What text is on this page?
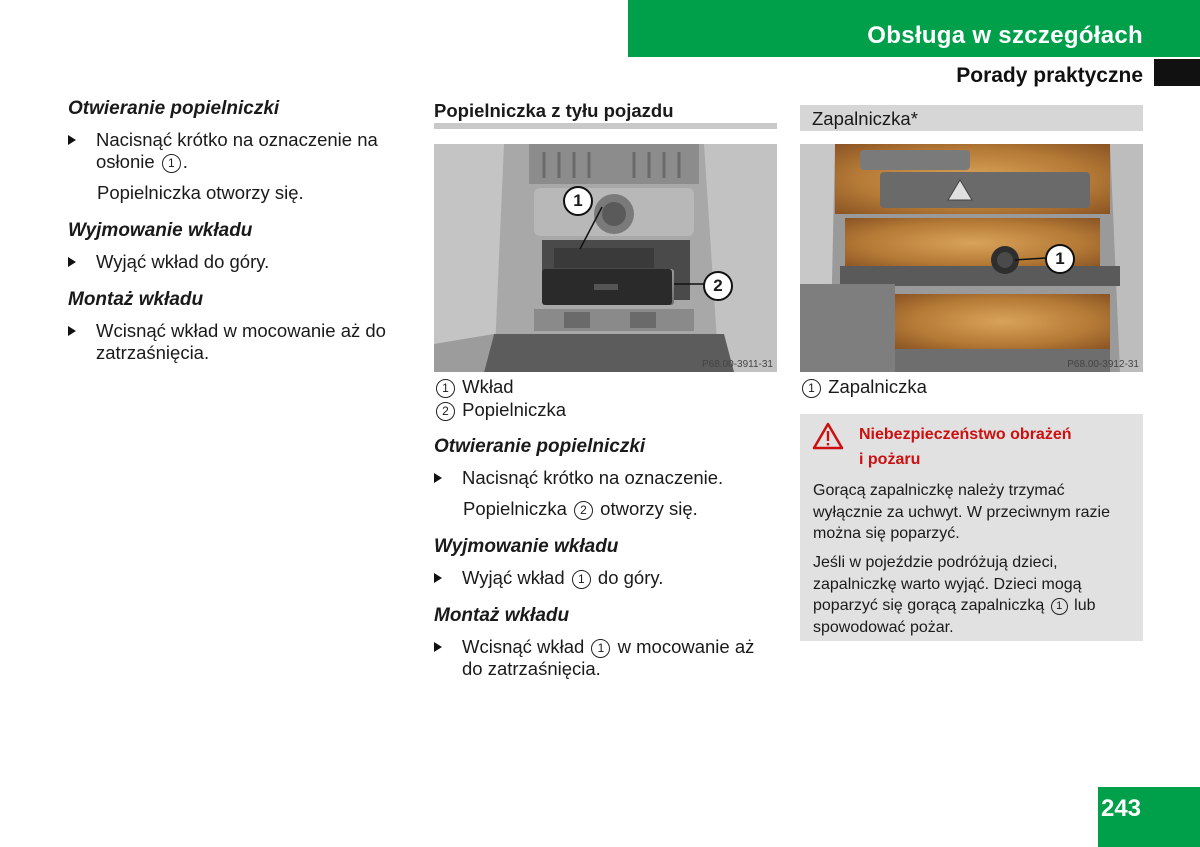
Obsługa w szczegółach
Porady praktyczne
Otwieranie popielniczki
Nacisnąć krótko na oznaczenie na osłonie 1 .
Popielniczka otworzy się.
Wyjmowanie wkładu
Wyjąć wkład do góry.
Montaż wkładu
Wcisnąć wkład w mocowanie aż do zatrzaśnięcia.
Popielniczka z tyłu pojazdu
1
2
P68.00-3911-31
1 Wkład
2 Popielniczka
Otwieranie popielniczki
Nacisnąć krótko na oznaczenie.
Popielniczka 2 otworzy się.
Wyjmowanie wkładu
Wyjąć wkład 1 do góry.
Montaż wkładu
Wcisnąć wkład 1 w mocowanie aż do zatrzaśnięcia.
Zapalniczka*
1
P68.00-3912-31
1 Zapalniczka
Niebezpieczeństwo obrażeń
i pożaru
Gorącą zapalniczkę należy trzymać wyłącznie za uchwyt. W przeciwnym razie można się poparzyć.
Jeśli w pojeździe podróżują dzieci, zapalniczkę warto wyjąć. Dzieci mogą poparzyć się gorącą zapalniczką 1 lub spowodować pożar.
243
